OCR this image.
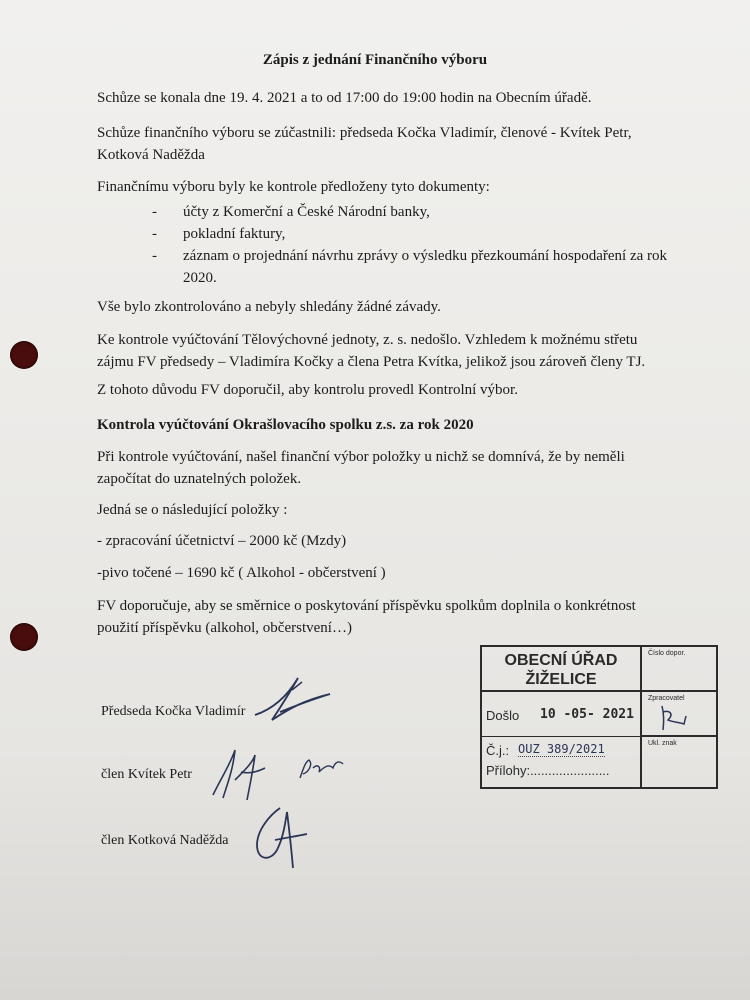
Zápis z jednání Finančního výboru

Schůze se konala dne 19. 4. 2021 a to od 17:00 do 19:00 hodin na Obecním úřadě.

Schůze finančního výboru se zúčastnili: předseda Kočka Vladimír, členové - Kvítek Petr, Kotková Naděžda

Finančnímu výboru byly ke kontrole předloženy tyto dokumenty:

- účty z Komerční a České Národní banky,
- pokladní faktury,
- záznam o projednání návrhu zprávy o výsledku přezkoumání hospodaření za rok 2020.

Vše bylo zkontrolováno a nebyly shledány žádné závady.

Ke kontrole vyúčtování Tělovýchovné jednoty, z. s. nedošlo. Vzhledem k možnému střetu zájmu FV předsedy – Vladimíra Kočky a člena Petra Kvítka, jelikož jsou zároveň členy TJ.

Z tohoto důvodu FV doporučil, aby kontrolu provedl Kontrolní výbor.

Kontrola vyúčtování Okrašlovacího spolku z.s. za rok 2020

Při kontrole vyúčtování, našel finanční výbor položky u nichž se domnívá, že by neměli započítat do uznatelných položek.

Jedná se o následující položky :

- zpracování účetnictví – 2000 kč (Mzdy)

-pivo točené – 1690 kč ( Alkohol - občerstvení )

FV doporučuje, aby se směrnice o poskytování příspěvku spolkům doplnila o konkrétnost použití příspěvku (alkohol, občerstvení…)

Předseda Kočka Vladimír
člen Kvítek Petr
člen Kotková Naděžda
OBECNÍ ÚŘAD
ŽIŽELICE
Číslo dopor.
Došlo 10 -05- 2021
Zpracovatel
Č.j.: OUZ 389/2021
Přílohy:......................
Ukl. znak
